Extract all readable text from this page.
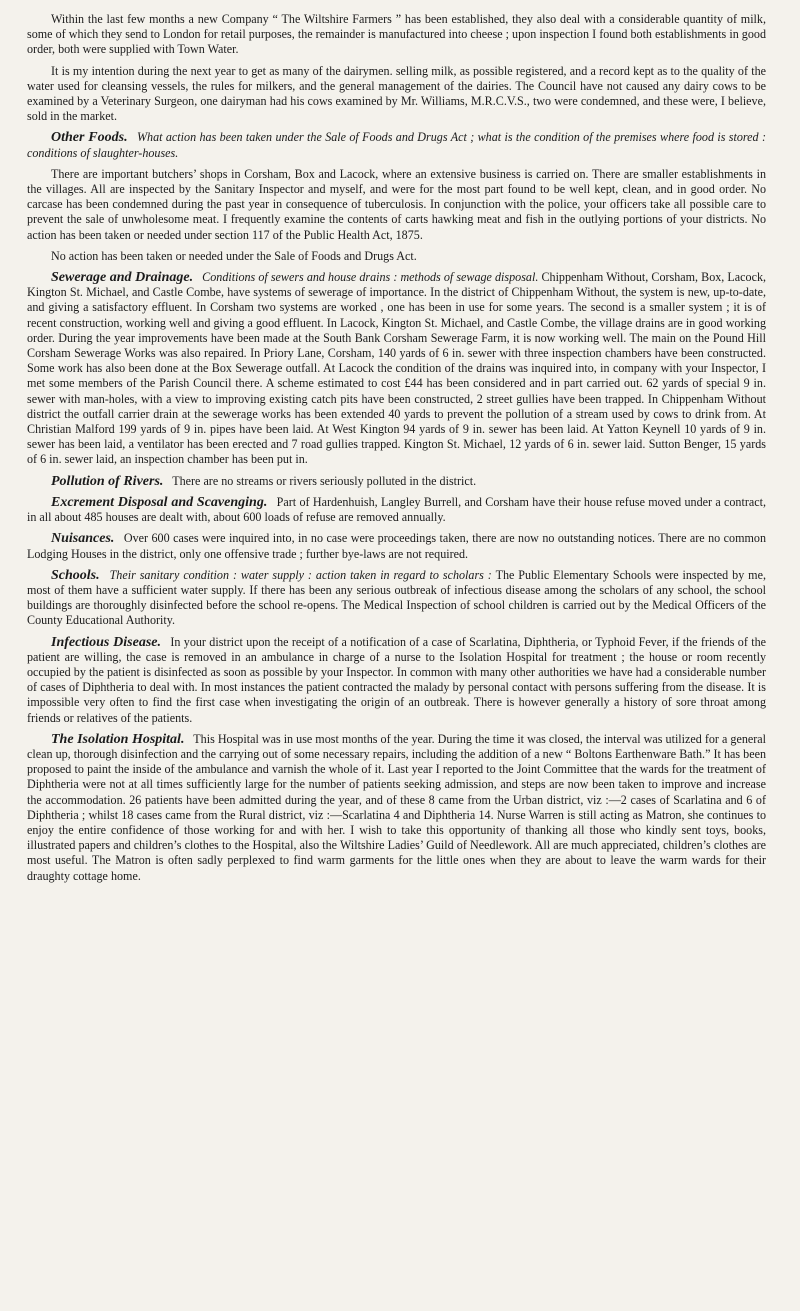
Within the last few months a new Company “ The Wiltshire Farmers ” has been established, they also deal with a considerable quantity of milk, some of which they send to London for retail purposes, the remainder is manufactured into cheese ; upon inspection I found both establishments in good order, both were supplied with Town Water.

It is my intention during the next year to get as many of the dairymen. selling milk, as possible registered, and a record kept as to the quality of the water used for cleansing vessels, the rules for milkers, and the general management of the dairies. The Council have not caused any dairy cows to be examined by a Veterinary Surgeon, one dairyman had his cows examined by Mr. Williams, M.R.C.V.S., two were condemned, and these were, I believe, sold in the market.

Other Foods. What action has been taken under the Sale of Foods and Drugs Act ; what is the condition of the premises where food is stored : conditions of slaughter-houses.

There are important butchers’ shops in Corsham, Box and Lacock, where an extensive business is carried on. There are smaller establishments in the villages. All are inspected by the Sanitary Inspector and myself, and were for the most part found to be well kept, clean, and in good order. No carcase has been condemned during the past year in consequence of tuberculosis. In conjunction with the police, your officers take all possible care to prevent the sale of unwholesome meat. I frequently examine the contents of carts hawking meat and fish in the outlying portions of your districts. No action has been taken or needed under section 117 of the Public Health Act, 1875.

No action has been taken or needed under the Sale of Foods and Drugs Act.

Sewerage and Drainage. Conditions of sewers and house drains : methods of sewage disposal. Chippenham Without, Corsham, Box, Lacock, Kington St. Michael, and Castle Combe, have systems of sewerage of importance. In the district of Chippenham Without, the system is new, up-to-date, and giving a satisfactory effluent. In Corsham two systems are worked , one has been in use for some years. The second is a smaller system ; it is of recent construction, working well and giving a good effluent. In Lacock, Kington St. Michael, and Castle Combe, the village drains are in good working order. During the year improvements have been made at the South Bank Corsham Sewerage Farm, it is now working well. The main on the Pound Hill Corsham Sewerage Works was also repaired. In Priory Lane, Corsham, 140 yards of 6 in. sewer with three inspection chambers have been constructed. Some work has also been done at the Box Sewerage outfall. At Lacock the condition of the drains was inquired into, in company with your Inspector, I met some members of the Parish Council there. A scheme estimated to cost £44 has been considered and in part carried out. 62 yards of special 9 in. sewer with man-holes, with a view to improving existing catch pits have been constructed, 2 street gullies have been trapped. In Chippenham Without district the outfall carrier drain at the sewerage works has been extended 40 yards to prevent the pollution of a stream used by cows to drink from. At Christian Malford 199 yards of 9 in. pipes have been laid. At West Kington 94 yards of 9 in. sewer has been laid. At Yatton Keynell 10 yards of 9 in. sewer has been laid, a ventilator has been erected and 7 road gullies trapped. Kington St. Michael, 12 yards of 6 in. sewer laid. Sutton Benger, 15 yards of 6 in. sewer laid, an inspection chamber has been put in.

Pollution of Rivers. There are no streams or rivers seriously polluted in the district.

Excrement Disposal and Scavenging. Part of Hardenhuish, Langley Burrell, and Corsham have their house refuse moved under a contract, in all about 485 houses are dealt with, about 600 loads of refuse are removed annually.

Nuisances. Over 600 cases were inquired into, in no case were proceedings taken, there are now no outstanding notices. There are no common Lodging Houses in the district, only one offensive trade ; further bye-laws are not required.

Schools. Their sanitary condition : water supply : action taken in regard to scholars : The Public Elementary Schools were inspected by me, most of them have a sufficient water supply. If there has been any serious outbreak of infectious disease among the scholars of any school, the school buildings are thoroughly disinfected before the school re-opens. The Medical Inspection of school children is carried out by the Medical Officers of the County Educational Authority.

Infectious Disease. In your district upon the receipt of a notification of a case of Scarlatina, Diphtheria, or Typhoid Fever, if the friends of the patient are willing, the case is removed in an ambulance in charge of a nurse to the Isolation Hospital for treatment ; the house or room recently occupied by the patient is disinfected as soon as possible by your Inspector. In common with many other authorities we have had a considerable number of cases of Diphtheria to deal with. In most instances the patient contracted the malady by personal contact with persons suffering from the disease. It is impossible very often to find the first case when investigating the origin of an outbreak. There is however generally a history of sore throat among friends or relatives of the patients.

The Isolation Hospital. This Hospital was in use most months of the year. During the time it was closed, the interval was utilized for a general clean up, thorough disinfection and the carrying out of some necessary repairs, including the addition of a new “ Boltons Earthenware Bath.” It has been proposed to paint the inside of the ambulance and varnish the whole of it. Last year I reported to the Joint Committee that the wards for the treatment of Diphtheria were not at all times sufficiently large for the number of patients seeking admission, and steps are now been taken to improve and increase the accommodation. 26 patients have been admitted during the year, and of these 8 came from the Urban district, viz :—2 cases of Scarlatina and 6 of Diphtheria ; whilst 18 cases came from the Rural district, viz :—Scarlatina 4 and Diphtheria 14. Nurse Warren is still acting as Matron, she continues to enjoy the entire confidence of those working for and with her. I wish to take this opportunity of thanking all those who kindly sent toys, books, illustrated papers and children’s clothes to the Hospital, also the Wiltshire Ladies’ Guild of Needlework. All are much appreciated, children’s clothes are most useful. The Matron is often sadly perplexed to find warm garments for the little ones when they are about to leave the warm wards for their draughty cottage home.
